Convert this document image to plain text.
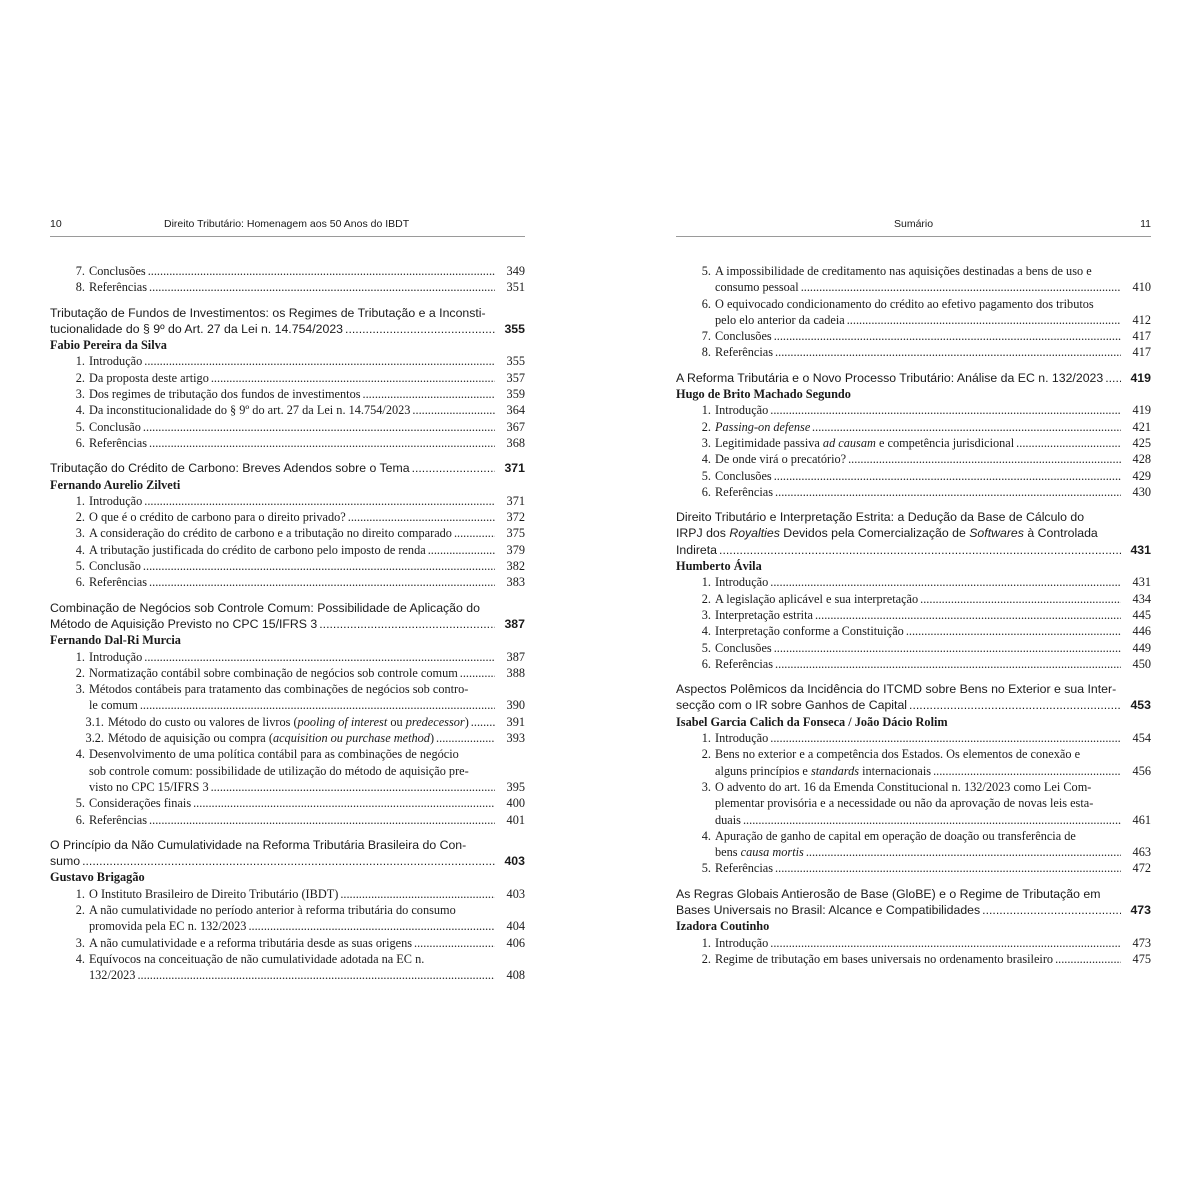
10	Direito Tributário: Homenagem aos 50 Anos do IBDT
7. Conclusões .....	349
8. Referências .....	351
Tributação de Fundos de Investimentos: os Regimes de Tributação e a Inconsti-
tucionalidade do § 9º do Art. 27 da Lei n. 14.754/2023 .....	355
Fabio Pereira da Silva
1. Introdução .....	355
2. Da proposta deste artigo .....	357
3. Dos regimes de tributação dos fundos de investimentos .....	359
4. Da inconstitucionalidade do § 9º do art. 27 da Lei n. 14.754/2023 .....	364
5. Conclusão .....	367
6. Referências .....	368
Tributação do Crédito de Carbono: Breves Adendos sobre o Tema .....	371
Fernando Aurelio Zilveti
1. Introdução .....	371
2. O que é o crédito de carbono para o direito privado? .....	372
3. A consideração do crédito de carbono e a tributação no direito comparado .....	375
4. A tributação justificada do crédito de carbono pelo imposto de renda .....	379
5. Conclusão .....	382
6. Referências .....	383
Combinação de Negócios sob Controle Comum: Possibilidade de Aplicação do
Método de Aquisição Previsto no CPC 15/IFRS 3 .....	387
Fernando Dal-Ri Murcia
1. Introdução .....	387
2. Normatização contábil sobre combinação de negócios sob controle comum .....	388
3. Métodos contábeis para tratamento das combinações de negócios sob contro-
le comum .....	390
3.1. Método do custo ou valores de livros (pooling of interest ou predecessor) .....	391
3.2. Método de aquisição ou compra (acquisition ou purchase method) .....	393
4. Desenvolvimento de uma política contábil para as combinações de negócio
sob controle comum: possibilidade de utilização do método de aquisição pre-
visto no CPC 15/IFRS 3 .....	395
5. Considerações finais .....	400
6. Referências .....	401
O Princípio da Não Cumulatividade na Reforma Tributária Brasileira do Con-
sumo .....	403
Gustavo Brigagão
1. O Instituto Brasileiro de Direito Tributário (IBDT) .....	403
2. A não cumulatividade no período anterior à reforma tributária do consumo
promovida pela EC n. 132/2023 .....	404
3. A não cumulatividade e a reforma tributária desde as suas origens .....	406
4. Equívocos na conceituação de não cumulatividade adotada na EC n.
132/2023 .....	408
Sumário	11
5. A impossibilidade de creditamento nas aquisições destinadas a bens de uso e
consumo pessoal .....	410
6. O equivocado condicionamento do crédito ao efetivo pagamento dos tributos
pelo elo anterior da cadeia .....	412
7. Conclusões .....	417
8. Referências .....	417
A Reforma Tributária e o Novo Processo Tributário: Análise da EC n. 132/2023 .....	419
Hugo de Brito Machado Segundo
1. Introdução .....	419
2. Passing-on defense .....	421
3. Legitimidade passiva ad causam e competência jurisdicional .....	425
4. De onde virá o precatório? .....	428
5. Conclusões .....	429
6. Referências .....	430
Direito Tributário e Interpretação Estrita: a Dedução da Base de Cálculo do
IRPJ dos Royalties Devidos pela Comercialização de Softwares à Controlada
Indireta .....	431
Humberto Ávila
1. Introdução .....	431
2. A legislação aplicável e sua interpretação .....	434
3. Interpretação estrita .....	445
4. Interpretação conforme a Constituição .....	446
5. Conclusões .....	449
6. Referências .....	450
Aspectos Polêmicos da Incidência do ITCMD sobre Bens no Exterior e sua Inter-
secção com o IR sobre Ganhos de Capital .....	453
Isabel Garcia Calich da Fonseca / João Dácio Rolim
1. Introdução .....	454
2. Bens no exterior e a competência dos Estados. Os elementos de conexão e
alguns princípios e standards internacionais .....	456
3. O advento do art. 16 da Emenda Constitucional n. 132/2023 como Lei Com-
plementar provisória e a necessidade ou não da aprovação de novas leis esta-
duais .....	461
4. Apuração de ganho de capital em operação de doação ou transferência de
bens causa mortis .....	463
5. Referências .....	472
As Regras Globais Antierosão de Base (GloBE) e o Regime de Tributação em
Bases Universais no Brasil: Alcance e Compatibilidades .....	473
Izadora Coutinho
1. Introdução .....	473
2. Regime de tributação em bases universais no ordenamento brasileiro .....	475
